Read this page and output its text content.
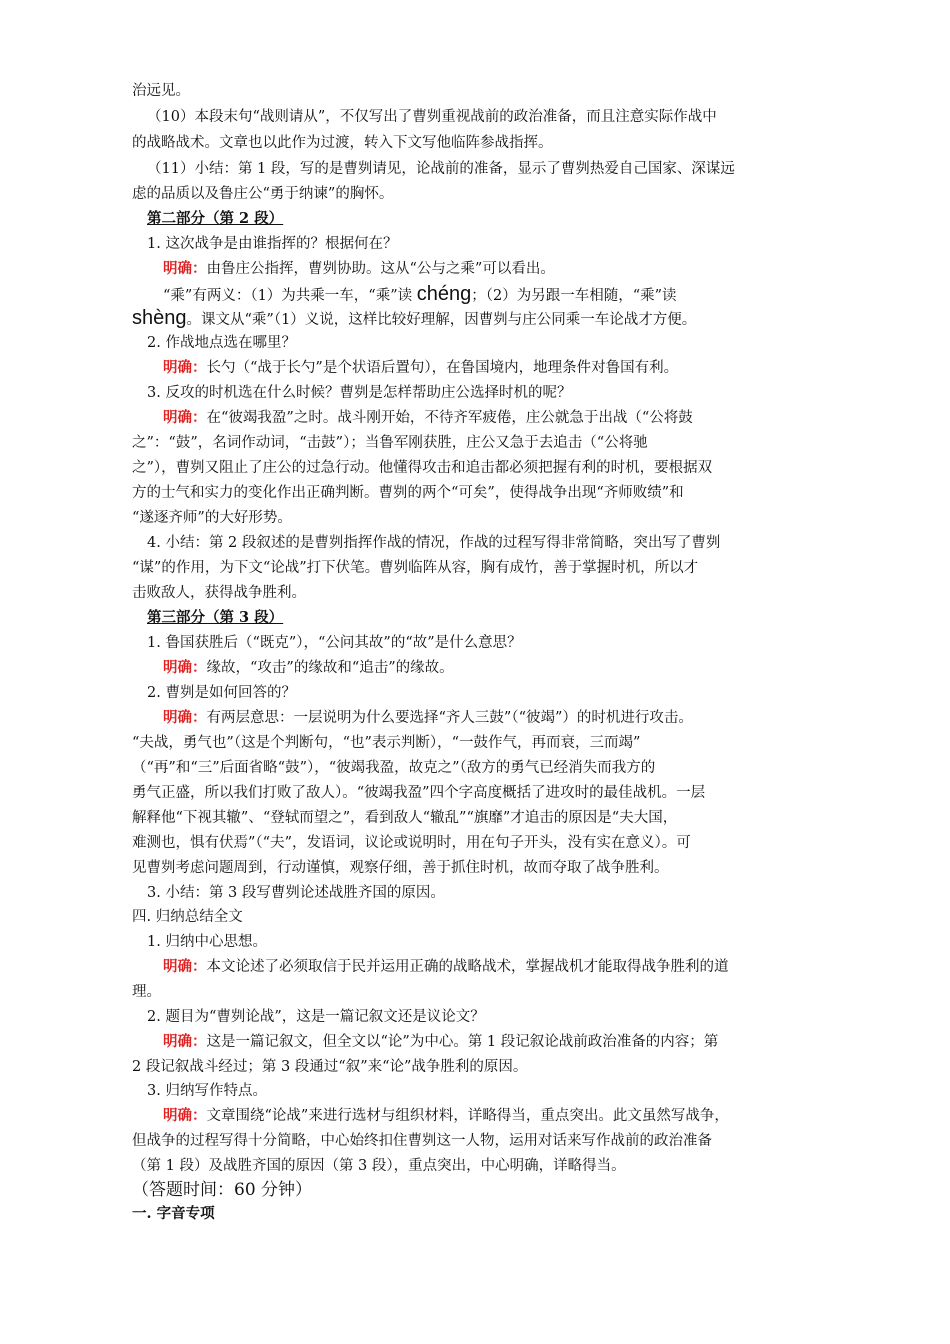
治远见。
（10）本段末句“战则请从”，不仅写出了曹刿重视战前的政治准备，而且注意实际作战中
的战略战术。文章也以此作为过渡，转入下文写他临阵参战指挥。
（11）小结：第 1 段，写的是曹刿请见，论战前的准备，显示了曹刿热爱自己国家、深谋远
虑的品质以及鲁庄公“勇于纳谏”的胸怀。
第二部分（第 2 段）
1. 这次战争是由谁指挥的？根据何在？
明确：由鲁庄公指挥，曹刿协助。这从“公与之乘”可以看出。
“乘”有两义：（1）为共乘一车，“乘”读 chéng；（2）为另跟一车相随，“乘”读
shèng。课文从“乘”（1）义说，这样比较好理解，因曹刿与庄公同乘一车论战才方便。
2. 作战地点选在哪里？
明确：长勺（“战于长勺”是个状语后置句），在鲁国境内，地理条件对鲁国有利。
3. 反攻的时机选在什么时候？曹刿是怎样帮助庄公选择时机的呢？
明确：在“彼竭我盈”之时。战斗刚开始，不待齐军疲倦，庄公就急于出战（“公将鼓
之”：“鼓”，名词作动词，“击鼓”）；当鲁军刚获胜，庄公又急于去追击（“公将驰
之”），曹刿又阻止了庄公的过急行动。他懂得攻击和追击都必须把握有利的时机，要根据双
方的士气和实力的变化作出正确判断。曹刿的两个“可矣”，使得战争出现“齐师败绩”和
“遂逐齐师”的大好形势。
4. 小结：第 2 段叙述的是曹刿指挥作战的情况，作战的过程写得非常简略，突出写了曹刿
“谋”的作用，为下文“论战”打下伏笔。曹刿临阵从容，胸有成竹，善于掌握时机，所以才
击败敌人，获得战争胜利。
第三部分（第 3 段）
1. 鲁国获胜后（“既克”），“公问其故”的“故”是什么意思？
明确：缘故，“攻击”的缘故和“追击”的缘故。
2. 曹刿是如何回答的？
明确：有两层意思：一层说明为什么要选择“齐人三鼓”（“彼竭”）的时机进行攻击。
“夫战，勇气也”（这是个判断句，“也”表示判断），“一鼓作气，再而衰，三而竭”
（“再”和“三”后面省略“鼓”），“彼竭我盈，故克之”（敌方的勇气已经消失而我方的
勇气正盛，所以我们打败了敌人）。“彼竭我盈”四个字高度概括了进攻时的最佳战机。一层
解释他“下视其辙”、“登轼而望之”，看到敌人“辙乱”“旗靡”才追击的原因是“夫大国，
难测也，惧有伏焉”（“夫”，发语词，议论或说明时，用在句子开头，没有实在意义）。可
见曹刿考虑问题周到，行动谨慎，观察仔细，善于抓住时机，故而夺取了战争胜利。
3. 小结：第 3 段写曹刿论述战胜齐国的原因。
四. 归纳总结全文
1. 归纳中心思想。
明确：本文论述了必须取信于民并运用正确的战略战术，掌握战机才能取得战争胜利的道
理。
2. 题目为“曹刿论战”，这是一篇记叙文还是议论文？
明确：这是一篇记叙文，但全文以“论”为中心。第 1 段记叙论战前政治准备的内容；第
2 段记叙战斗经过；第 3 段通过“叙”来“论”战争胜利的原因。
3. 归纳写作特点。
明确：文章围绕“论战”来进行选材与组织材料，详略得当，重点突出。此文虽然写战争，
但战争的过程写得十分简略，中心始终扣住曹刿这一人物，运用对话来写作战前的政治准备
（第 1 段）及战胜齐国的原因（第 3 段），重点突出，中心明确，详略得当。
（答题时间：60 分钟）
一. 字音专项
